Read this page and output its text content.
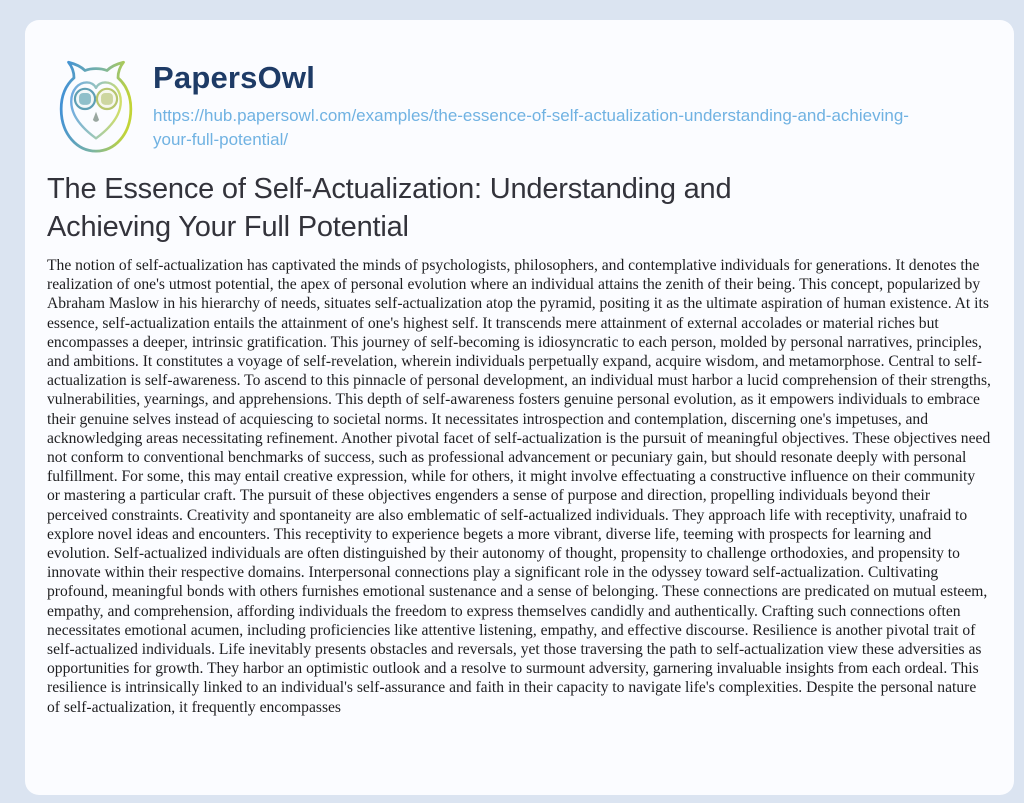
PapersOwl
https://hub.papersowl.com/examples/the-essence-of-self-actualization-understanding-and-achieving-your-full-potential/
The Essence of Self-Actualization: Understanding and Achieving Your Full Potential

The notion of self-actualization has captivated the minds of psychologists, philosophers, and contemplative individuals for generations. It denotes the realization of one's utmost potential, the apex of personal evolution where an individual attains the zenith of their being. This concept, popularized by Abraham Maslow in his hierarchy of needs, situates self-actualization atop the pyramid, positing it as the ultimate aspiration of human existence. At its essence, self-actualization entails the attainment of one's highest self. It transcends mere attainment of external accolades or material riches but encompasses a deeper, intrinsic gratification. This journey of self-becoming is idiosyncratic to each person, molded by personal narratives, principles, and ambitions. It constitutes a voyage of self-revelation, wherein individuals perpetually expand, acquire wisdom, and metamorphose. Central to self-actualization is self-awareness. To ascend to this pinnacle of personal development, an individual must harbor a lucid comprehension of their strengths, vulnerabilities, yearnings, and apprehensions. This depth of self-awareness fosters genuine personal evolution, as it empowers individuals to embrace their genuine selves instead of acquiescing to societal norms. It necessitates introspection and contemplation, discerning one's impetuses, and acknowledging areas necessitating refinement. Another pivotal facet of self-actualization is the pursuit of meaningful objectives. These objectives need not conform to conventional benchmarks of success, such as professional advancement or pecuniary gain, but should resonate deeply with personal fulfillment. For some, this may entail creative expression, while for others, it might involve effectuating a constructive influence on their community or mastering a particular craft. The pursuit of these objectives engenders a sense of purpose and direction, propelling individuals beyond their perceived constraints. Creativity and spontaneity are also emblematic of self-actualized individuals. They approach life with receptivity, unafraid to explore novel ideas and encounters. This receptivity to experience begets a more vibrant, diverse life, teeming with prospects for learning and evolution. Self-actualized individuals are often distinguished by their autonomy of thought, propensity to challenge orthodoxies, and propensity to innovate within their respective domains. Interpersonal connections play a significant role in the odyssey toward self-actualization. Cultivating profound, meaningful bonds with others furnishes emotional sustenance and a sense of belonging. These connections are predicated on mutual esteem, empathy, and comprehension, affording individuals the freedom to express themselves candidly and authentically. Crafting such connections often necessitates emotional acumen, including proficiencies like attentive listening, empathy, and effective discourse. Resilience is another pivotal trait of self-actualized individuals. Life inevitably presents obstacles and reversals, yet those traversing the path to self-actualization view these adversities as opportunities for growth. They harbor an optimistic outlook and a resolve to surmount adversity, garnering invaluable insights from each ordeal. This resilience is intrinsically linked to an individual's self-assurance and faith in their capacity to navigate life's complexities. Despite the personal nature of self-actualization, it frequently encompasses
